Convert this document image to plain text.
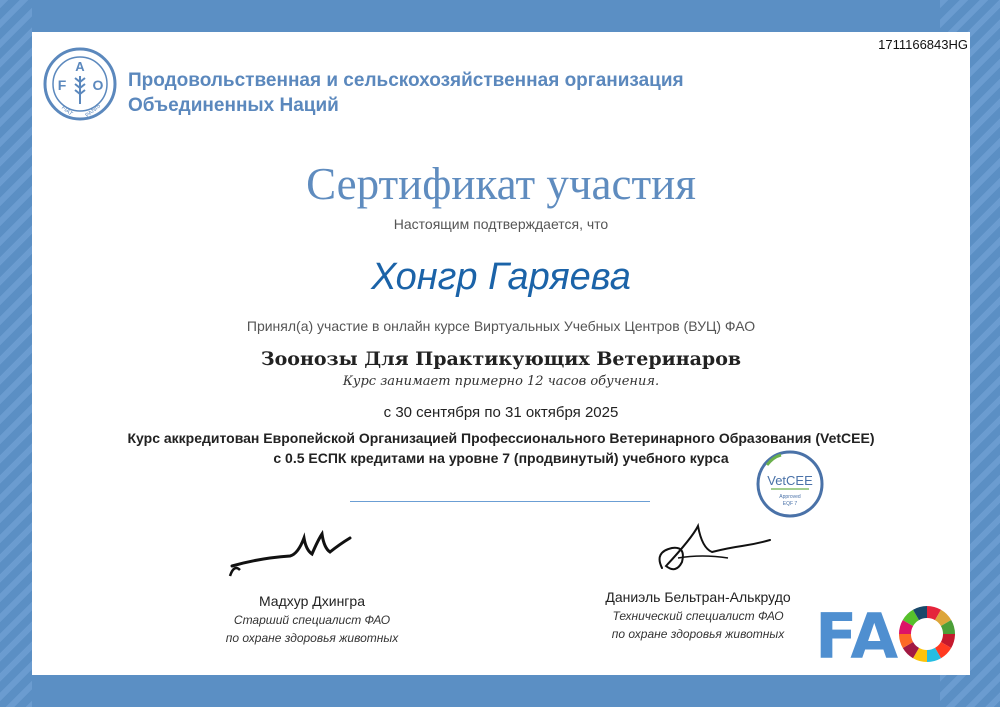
1711166843HG
A
F O
FIAT PANIS
Продовольственная и сельскохозяйственная организация
Объединенных Наций
Сертификат участия
Настоящим подтверждается, что
Хонгр Гаряева
Принял(а) участие в онлайн курсе Виртуальных Учебных Центров (ВУЦ) ФАО
Зоонозы Для Практикующих Ветеринаров
Курс занимает примерно 12 часов обучения.
с 30 сентября по 31 октября 2025
Курс аккредитован Европейской Организацией Профессионального Ветеринарного Образования (VetCEE)
с 0.5 ЕСПК кредитами на уровне 7 (продвинутый) учебного курса
VetCEE
Approved
EQF 7
Мадхур Дхингра
Старший специалист ФАО
по охране здоровья животных
Даниэль Бельтран-Алькрудо
Технический специалист ФАО
по охране здоровья животных FA
